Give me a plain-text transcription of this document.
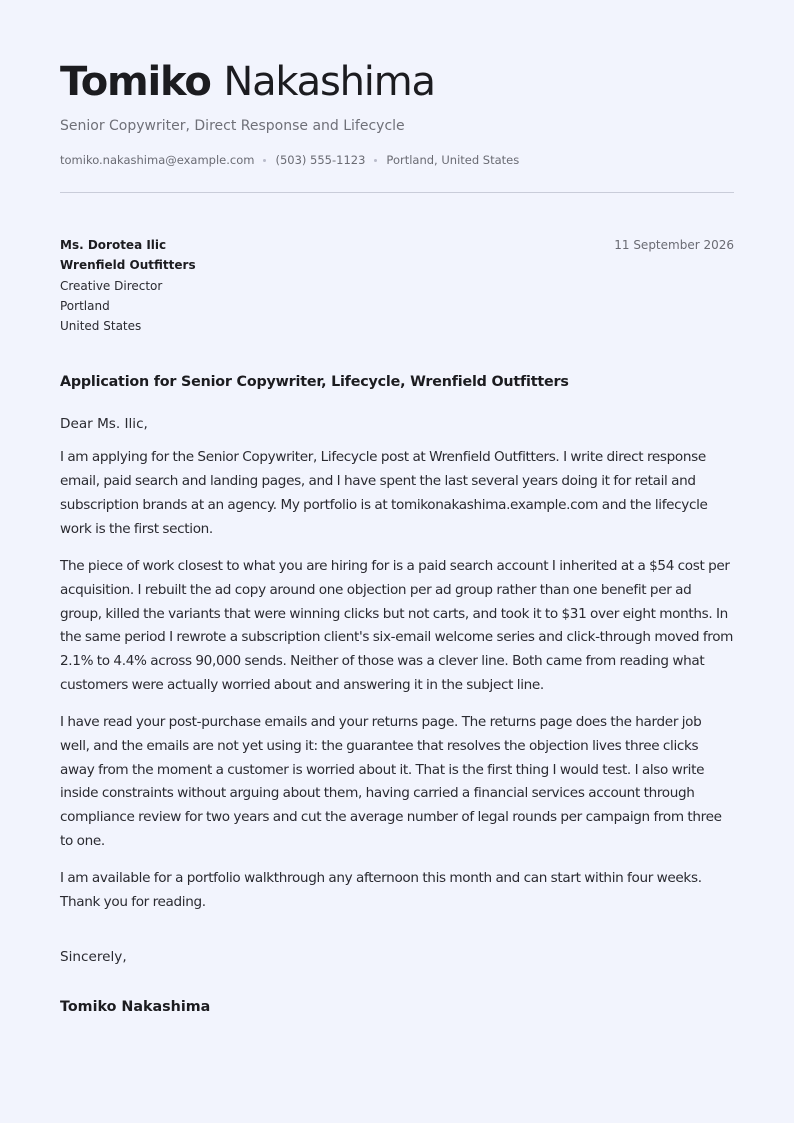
Tomiko Nakashima
Senior Copywriter, Direct Response and Lifecycle
tomiko.nakashima@example.com (503) 555-1123 Portland, United States
Ms. Dorotea Ilic
Wrenfield Outfitters
Creative Director
Portland
United States
11 September 2026
Application for Senior Copywriter, Lifecycle, Wrenfield Outfitters
Dear Ms. Ilic,

I am applying for the Senior Copywriter, Lifecycle post at Wrenfield Outfitters. I write direct response email, paid search and landing pages, and I have spent the last several years doing it for retail and subscription brands at an agency. My portfolio is at tomikonakashima.example.com and the lifecycle work is the first section.

The piece of work closest to what you are hiring for is a paid search account I inherited at a $54 cost per acquisition. I rebuilt the ad copy around one objection per ad group rather than one benefit per ad group, killed the variants that were winning clicks but not carts, and took it to $31 over eight months. In the same period I rewrote a subscription client's six-email welcome series and click-through moved from 2.1% to 4.4% across 90,000 sends. Neither of those was a clever line. Both came from reading what customers were actually worried about and answering it in the subject line.

I have read your post-purchase emails and your returns page. The returns page does the harder job well, and the emails are not yet using it: the guarantee that resolves the objection lives three clicks away from the moment a customer is worried about it. That is the first thing I would test. I also write inside constraints without arguing about them, having carried a financial services account through compliance review for two years and cut the average number of legal rounds per campaign from three to one.

I am available for a portfolio walkthrough any afternoon this month and can start within four weeks. Thank you for reading.

Sincerely,
Tomiko Nakashima
